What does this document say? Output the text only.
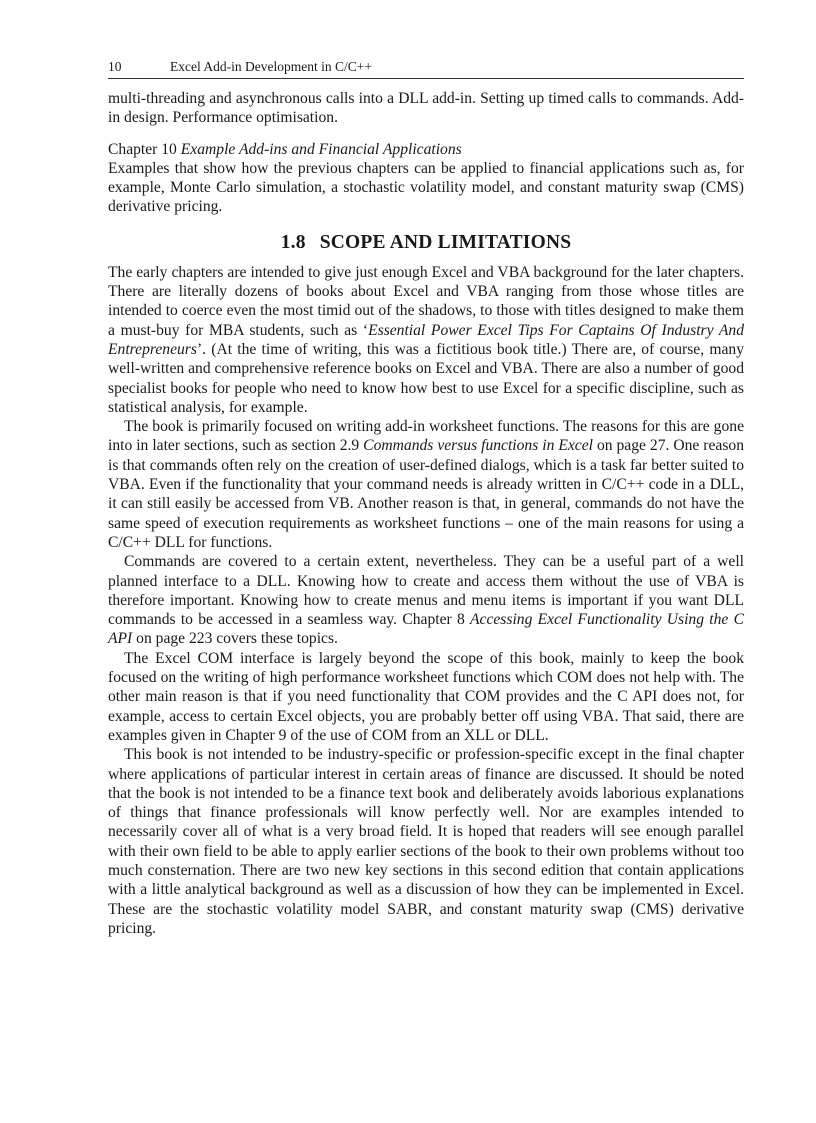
10	Excel Add-in Development in C/C++

multi-threading and asynchronous calls into a DLL add-in. Setting up timed calls to commands. Add-in design. Performance optimisation.

Chapter 10 Example Add-ins and Financial Applications

Examples that show how the previous chapters can be applied to financial applications such as, for example, Monte Carlo simulation, a stochastic volatility model, and constant maturity swap (CMS) derivative pricing.

1.8 SCOPE AND LIMITATIONS

The early chapters are intended to give just enough Excel and VBA background for the later chapters. There are literally dozens of books about Excel and VBA ranging from those whose titles are intended to coerce even the most timid out of the shadows, to those with titles designed to make them a must-buy for MBA students, such as ‘Essential Power Excel Tips For Captains Of Industry And Entrepreneurs’. (At the time of writing, this was a fictitious book title.) There are, of course, many well-written and comprehensive reference books on Excel and VBA. There are also a number of good specialist books for people who need to know how best to use Excel for a specific discipline, such as statistical analysis, for example.

The book is primarily focused on writing add-in worksheet functions. The reasons for this are gone into in later sections, such as section 2.9 Commands versus functions in Excel on page 27. One reason is that commands often rely on the creation of user-defined dialogs, which is a task far better suited to VBA. Even if the functionality that your command needs is already written in C/C++ code in a DLL, it can still easily be accessed from VB. Another reason is that, in general, commands do not have the same speed of execution requirements as worksheet functions – one of the main reasons for using a C/C++ DLL for functions.

Commands are covered to a certain extent, nevertheless. They can be a useful part of a well planned interface to a DLL. Knowing how to create and access them without the use of VBA is therefore important. Knowing how to create menus and menu items is important if you want DLL commands to be accessed in a seamless way. Chapter 8 Accessing Excel Functionality Using the C API on page 223 covers these topics.

The Excel COM interface is largely beyond the scope of this book, mainly to keep the book focused on the writing of high performance worksheet functions which COM does not help with. The other main reason is that if you need functionality that COM provides and the C API does not, for example, access to certain Excel objects, you are probably better off using VBA. That said, there are examples given in Chapter 9 of the use of COM from an XLL or DLL.

This book is not intended to be industry-specific or profession-specific except in the final chapter where applications of particular interest in certain areas of finance are discussed. It should be noted that the book is not intended to be a finance text book and deliberately avoids laborious explanations of things that finance professionals will know perfectly well. Nor are examples intended to necessarily cover all of what is a very broad field. It is hoped that readers will see enough parallel with their own field to be able to apply earlier sections of the book to their own problems without too much consternation. There are two new key sections in this second edition that contain applications with a little analytical background as well as a discussion of how they can be implemented in Excel. These are the stochastic volatility model SABR, and constant maturity swap (CMS) derivative pricing.
